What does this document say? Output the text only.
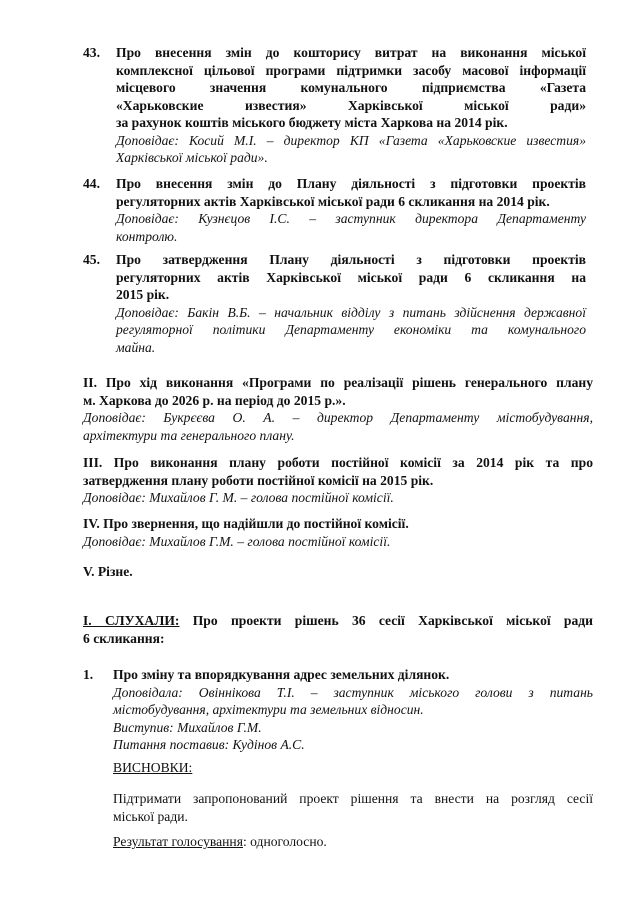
43. Про внесення змін до кошторису витрат на виконання міської

комплексної цільової програми підтримки засобу масової інформації

місцевого значення комунального підприємства «Газета

«Харьковские известия» Харківської міської ради»

за рахунок коштів міського бюджету міста Харкова на 2014 рік.

Доповідає: Косий М.І. – директор КП «Газета «Харьковские известия»

Харківської міської ради».

44. Про внесення змін до Плану діяльності з підготовки проектів

регуляторних актів Харківської міської ради 6 скликання на 2014 рік.

Доповідає: Кузнєцов І.С. – заступник директора Департаменту

контролю.

45. Про затвердження Плану діяльності з підготовки проектів

регуляторних актів Харківської міської ради 6 скликання на

2015 рік.

Доповідає: Бакін В.Б. – начальник відділу з питань здійснення державної

регуляторної політики Департаменту економіки та комунального

майна.

ІІ. Про хід виконання «Програми по реалізації рішень генерального плану

м. Харкова до 2026 р. на період до 2015 р.».

Доповідає: Букрєєва О. А. – директор Департаменту містобудування,

архітектури та генерального плану.

ІІІ. Про виконання плану роботи постійної комісії за 2014 рік та про

затвердження плану роботи постійної комісії на 2015 рік.

Доповідає: Михайлов Г. М. – голова постійної комісії.

ІV. Про звернення, що надійшли до постійної комісії.

Доповідає: Михайлов Г.М. – голова постійної комісії.

V. Різне.

І. СЛУХАЛИ: Про проекти рішень 36 сесії Харківської міської ради

6 скликання:

1. Про зміну та впорядкування адрес земельних ділянок.

Доповідала: Овіннікова Т.І. – заступник міського голови з питань

містобудування, архітектури та земельних відносин.

Виступив: Михайлов Г.М.

Питання поставив: Кудінов А.С.

ВИСНОВКИ:

Підтримати запропонований проект рішення та внести на розгляд сесії

міської ради.

Результат голосування: одноголосно.
